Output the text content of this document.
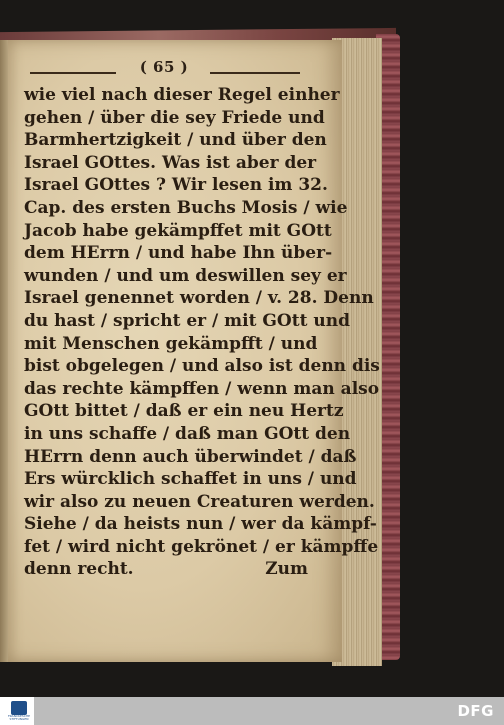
( 65 )
wie viel nach dieser Regel einher
gehen / über die sey Friede und
Barmhertzigkeit / und über den
Israel GOttes. Was ist aber der
Israel GOttes ? Wir lesen im 32.
Cap. des ersten Buchs Mosis / wie
Jacob habe gekämpffet mit GOtt
dem HErrn / und habe Ihn über-
wunden / und um deswillen sey er
Israel genennet worden / v. 28. Denn
du hast / spricht er / mit GOtt und
mit Menschen gekämpfft / und
bist obgelegen / und also ist denn dis
das rechte kämpffen / wenn man also
GOtt bittet / daß er ein neu Hertz
in uns schaffe / daß man GOtt den
HErrn denn auch überwindet / daß
Ers würcklich schaffet in uns / und
wir also zu neuen Creaturen werden.
Siehe / da heists nun / wer da kämpf-
fet / wird nicht gekrönet / er kämpffe
denn recht.	Zum
FRANCKESCHE STIFTUNGEN	DFG
